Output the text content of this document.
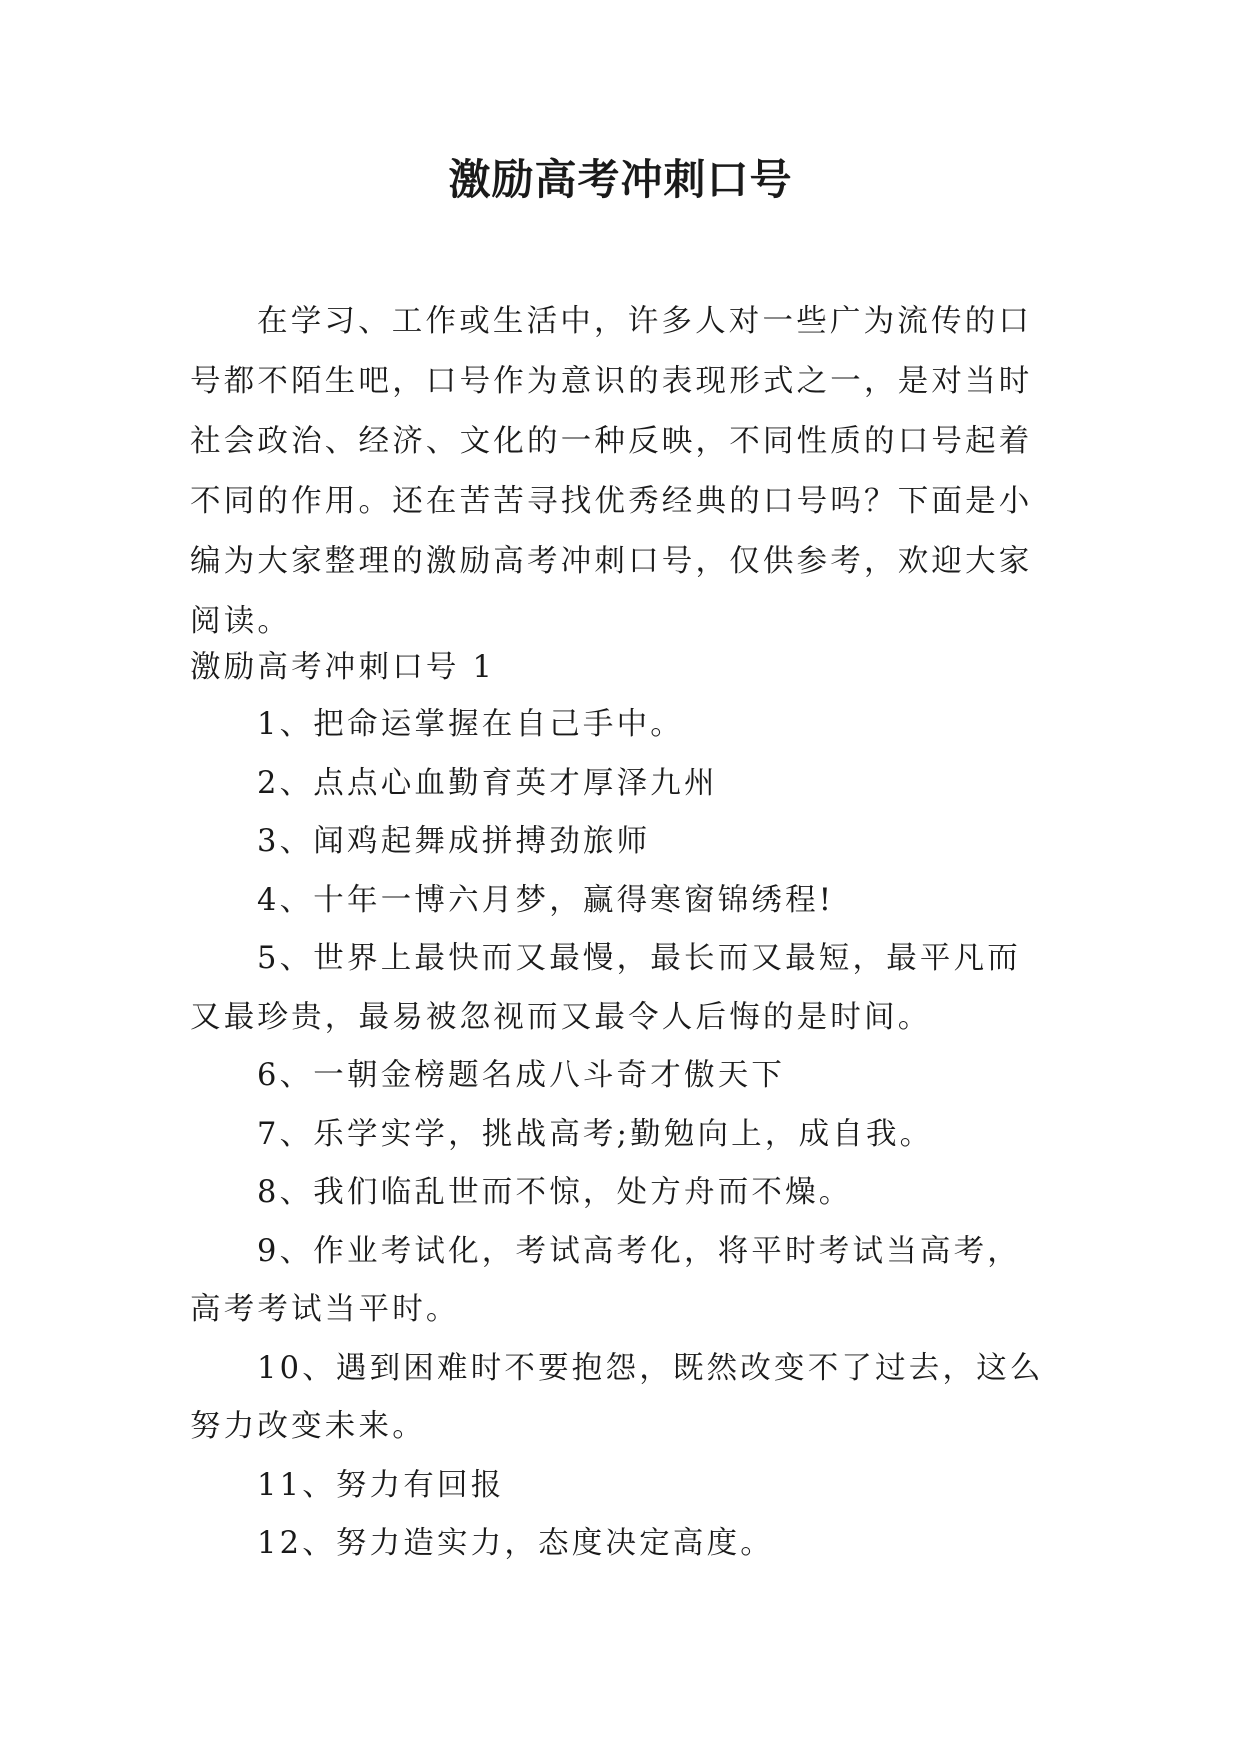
激励高考冲刺口号

在学习、工作或生活中，许多人对一些广为流传的口号都不陌生吧，口号作为意识的表现形式之一，是对当时社会政治、经济、文化的一种反映，不同性质的口号起着不同的作用。还在苦苦寻找优秀经典的口号吗？下面是小编为大家整理的激励高考冲刺口号，仅供参考，欢迎大家阅读。

激励高考冲刺口号 1

1、把命运掌握在自己手中。
2、点点心血勤育英才厚泽九州
3、闻鸡起舞成拼搏劲旅师
4、十年一博六月梦，赢得寒窗锦绣程!
5、世界上最快而又最慢，最长而又最短，最平凡而又最珍贵，最易被忽视而又最令人后悔的是时间。
6、一朝金榜题名成八斗奇才傲天下
7、乐学实学，挑战高考;勤勉向上，成自我。
8、我们临乱世而不惊，处方舟而不燥。
9、作业考试化，考试高考化，将平时考试当高考，高考考试当平时。
10、遇到困难时不要抱怨，既然改变不了过去，这么努力改变未来。
11、努力有回报
12、努力造实力，态度决定高度。
